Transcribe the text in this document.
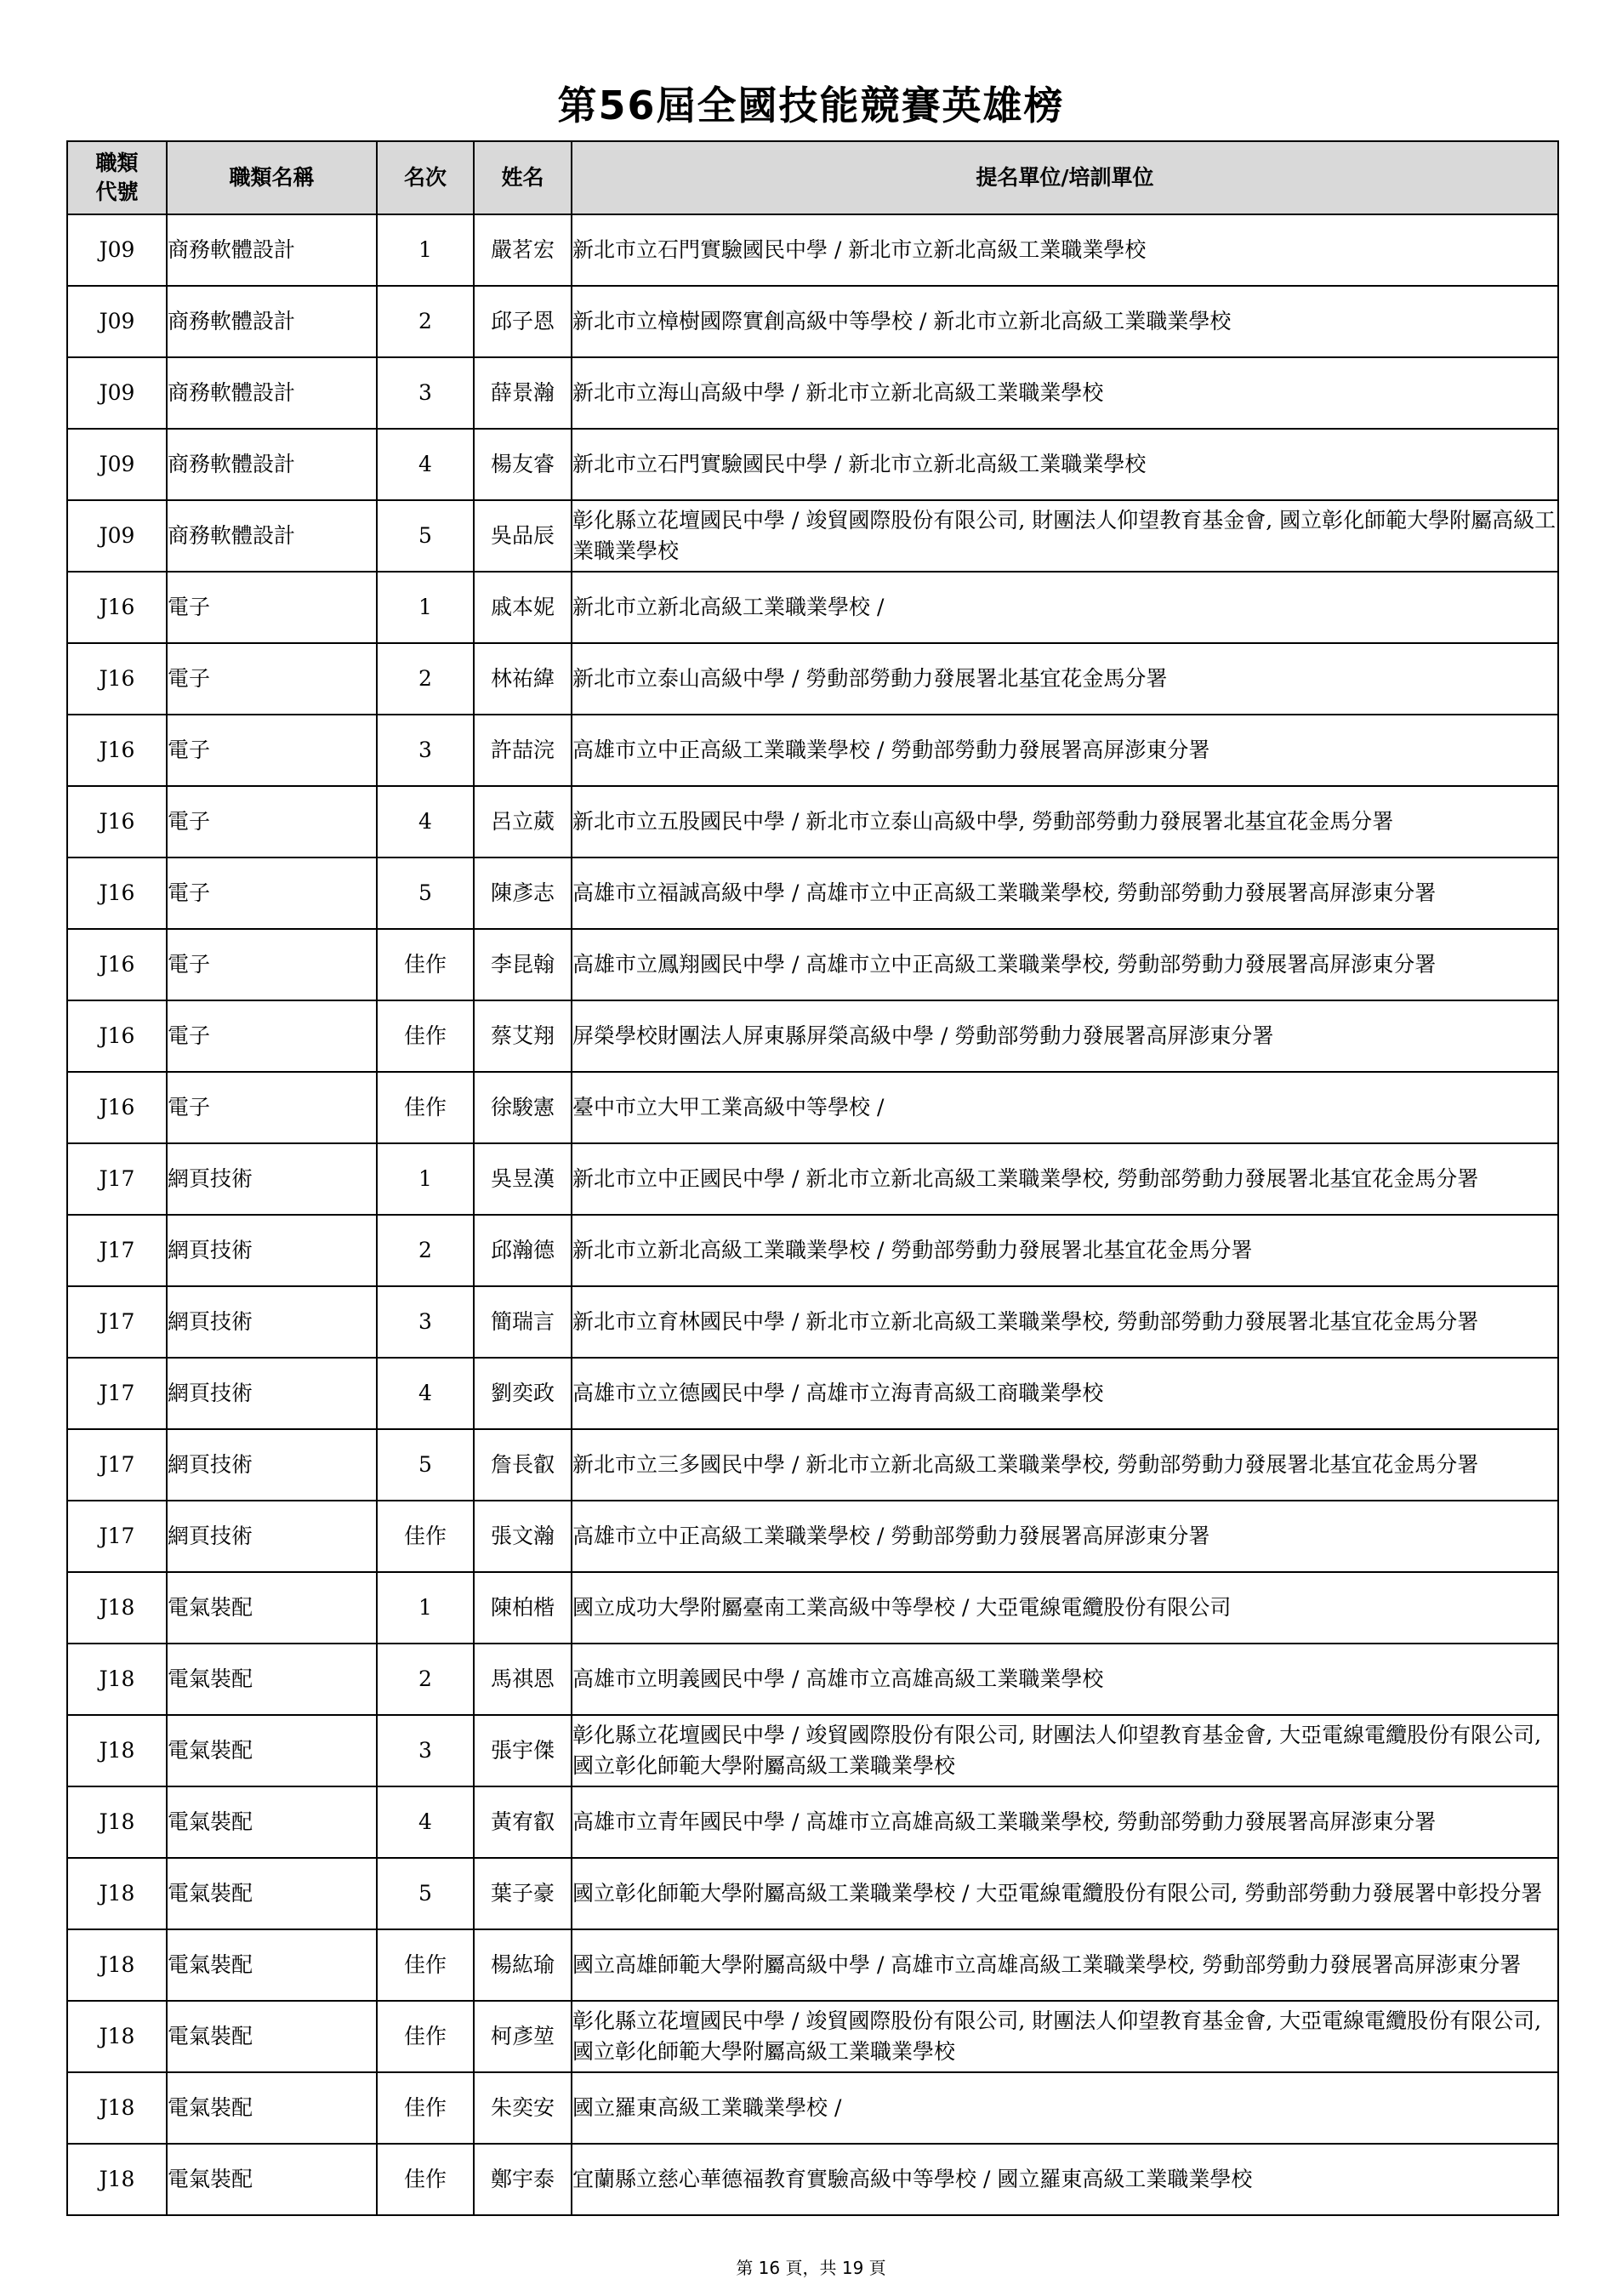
第56屆全國技能競賽英雄榜
職類代號	職類名稱	名次	姓名	提名單位/培訓單位
J09	商務軟體設計	1	嚴茗宏	新北市立石門實驗國民中學 / 新北市立新北高級工業職業學校
J09	商務軟體設計	2	邱子恩	新北市立樟樹國際實創高級中等學校 / 新北市立新北高級工業職業學校
J09	商務軟體設計	3	薛景瀚	新北市立海山高級中學 / 新北市立新北高級工業職業學校
J09	商務軟體設計	4	楊友睿	新北市立石門實驗國民中學 / 新北市立新北高級工業職業學校
J09	商務軟體設計	5	吳品辰	彰化縣立花壇國民中學 / 竣貿國際股份有限公司, 財團法人仰望教育基金會, 國立彰化師範大學附屬高級工業職業學校
J16	電子	1	戚本妮	新北市立新北高級工業職業學校 /
J16	電子	2	林祐緯	新北市立泰山高級中學 / 勞動部勞動力發展署北基宜花金馬分署
J16	電子	3	許喆浣	高雄市立中正高級工業職業學校 / 勞動部勞動力發展署高屏澎東分署
J16	電子	4	呂立葳	新北市立五股國民中學 / 新北市立泰山高級中學, 勞動部勞動力發展署北基宜花金馬分署
J16	電子	5	陳彥志	高雄市立福誠高級中學 / 高雄市立中正高級工業職業學校, 勞動部勞動力發展署高屏澎東分署
J16	電子	佳作	李昆翰	高雄市立鳳翔國民中學 / 高雄市立中正高級工業職業學校, 勞動部勞動力發展署高屏澎東分署
J16	電子	佳作	蔡艾翔	屏榮學校財團法人屏東縣屏榮高級中學 / 勞動部勞動力發展署高屏澎東分署
J16	電子	佳作	徐駿憲	臺中市立大甲工業高級中等學校 /
J17	網頁技術	1	吳昱漢	新北市立中正國民中學 / 新北市立新北高級工業職業學校, 勞動部勞動力發展署北基宜花金馬分署
J17	網頁技術	2	邱瀚德	新北市立新北高級工業職業學校 / 勞動部勞動力發展署北基宜花金馬分署
J17	網頁技術	3	簡瑞言	新北市立育林國民中學 / 新北市立新北高級工業職業學校, 勞動部勞動力發展署北基宜花金馬分署
J17	網頁技術	4	劉奕政	高雄市立立德國民中學 / 高雄市立海青高級工商職業學校
J17	網頁技術	5	詹長叡	新北市立三多國民中學 / 新北市立新北高級工業職業學校, 勞動部勞動力發展署北基宜花金馬分署
J17	網頁技術	佳作	張文瀚	高雄市立中正高級工業職業學校 / 勞動部勞動力發展署高屏澎東分署
J18	電氣裝配	1	陳柏楷	國立成功大學附屬臺南工業高級中等學校 / 大亞電線電纜股份有限公司
J18	電氣裝配	2	馬祺恩	高雄市立明義國民中學 / 高雄市立高雄高級工業職業學校
J18	電氣裝配	3	張宇傑	彰化縣立花壇國民中學 / 竣貿國際股份有限公司, 財團法人仰望教育基金會, 大亞電線電纜股份有限公司, 國立彰化師範大學附屬高級工業職業學校
J18	電氣裝配	4	黃宥叡	高雄市立青年國民中學 / 高雄市立高雄高級工業職業學校, 勞動部勞動力發展署高屏澎東分署
J18	電氣裝配	5	葉子豪	國立彰化師範大學附屬高級工業職業學校 / 大亞電線電纜股份有限公司, 勞動部勞動力發展署中彰投分署
J18	電氣裝配	佳作	楊紘瑜	國立高雄師範大學附屬高級中學 / 高雄市立高雄高級工業職業學校, 勞動部勞動力發展署高屏澎東分署
J18	電氣裝配	佳作	柯彥堃	彰化縣立花壇國民中學 / 竣貿國際股份有限公司, 財團法人仰望教育基金會, 大亞電線電纜股份有限公司, 國立彰化師範大學附屬高級工業職業學校
J18	電氣裝配	佳作	朱奕安	國立羅東高級工業職業學校 /
J18	電氣裝配	佳作	鄭宇泰	宜蘭縣立慈心華德福教育實驗高級中等學校 / 國立羅東高級工業職業學校
第 16 頁，共 19 頁
